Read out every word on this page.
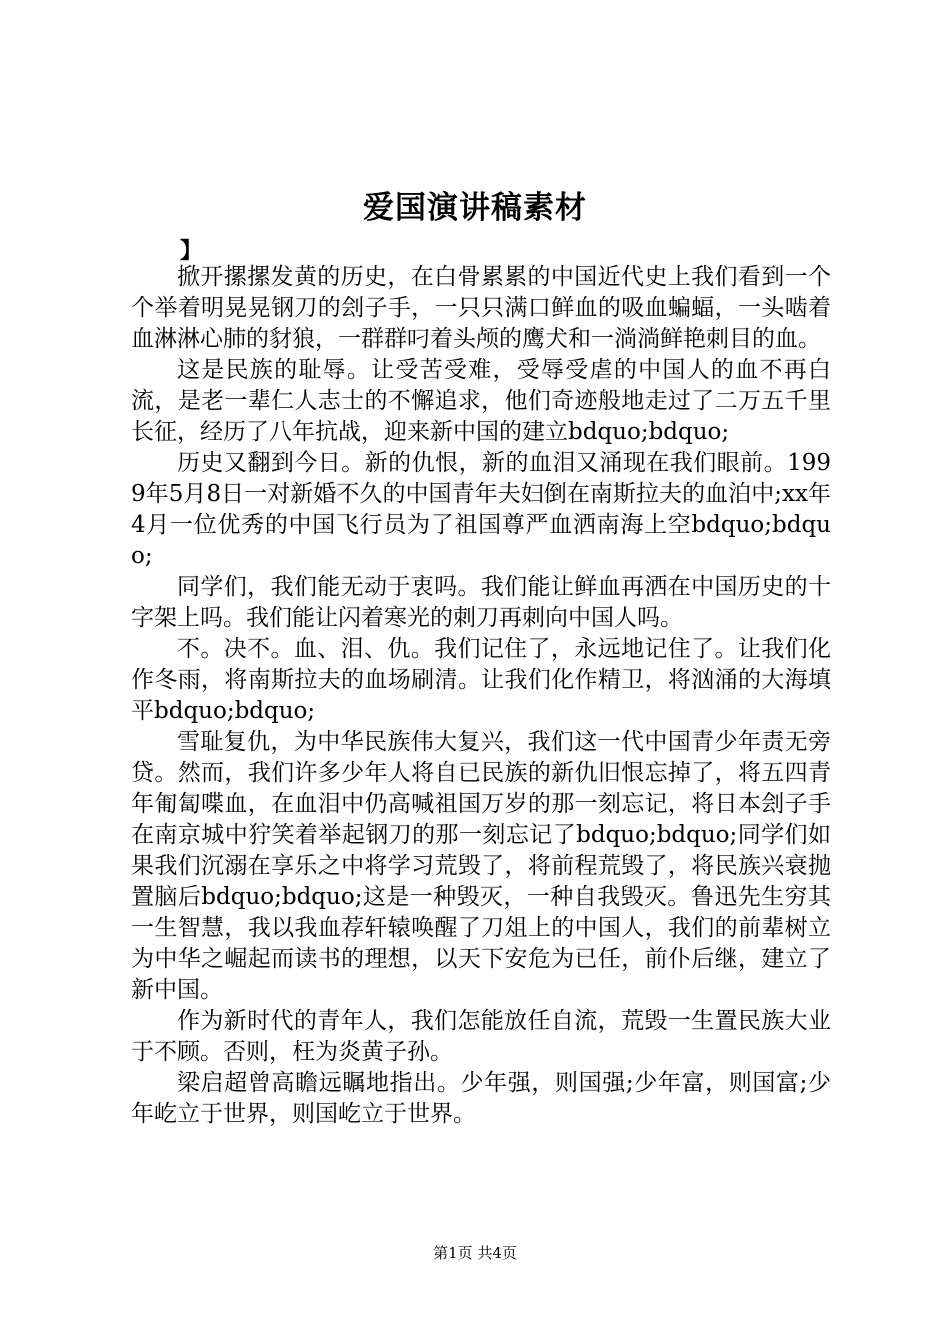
爱国演讲稿素材
】

掀开摞摞发黄的历史，在白骨累累的中国近代史上我们看到一个个举着明晃晃钢刀的刽子手，一只只满口鲜血的吸血蝙蝠，一头啮着血淋淋心肺的豺狼，一群群叼着头颅的鹰犬和一淌淌鲜艳刺目的血。

这是民族的耻辱。让受苦受难，受辱受虐的中国人的血不再白流，是老一辈仁人志士的不懈追求，他们奇迹般地走过了二万五千里长征，经历了八年抗战，迎来新中国的建立bdquo;bdquo;

历史又翻到今日。新的仇恨，新的血泪又涌现在我们眼前。1999年5月8日一对新婚不久的中国青年夫妇倒在南斯拉夫的血泊中;xx年4月一位优秀的中国飞行员为了祖国尊严血洒南海上空bdquo;bdquo;

同学们，我们能无动于衷吗。我们能让鲜血再洒在中国历史的十字架上吗。我们能让闪着寒光的刺刀再刺向中国人吗。

不。决不。血、泪、仇。我们记住了，永远地记住了。让我们化作冬雨，将南斯拉夫的血场刷清。让我们化作精卫，将汹涌的大海填平bdquo;bdquo;

雪耻复仇，为中华民族伟大复兴，我们这一代中国青少年责无旁贷。然而，我们许多少年人将自已民族的新仇旧恨忘掉了，将五四青年匍匐喋血，在血泪中仍高喊祖国万岁的那一刻忘记，将日本刽子手在南京城中狞笑着举起钢刀的那一刻忘记了bdquo;bdquo;同学们如果我们沉溺在享乐之中将学习荒毁了，将前程荒毁了，将民族兴衰抛置脑后bdquo;bdquo;这是一种毁灭，一种自我毁灭。鲁迅先生穷其一生智慧，我以我血荐轩辕唤醒了刀俎上的中国人，我们的前辈树立为中华之崛起而读书的理想，以天下安危为已任，前仆后继，建立了新中国。

作为新时代的青年人，我们怎能放任自流，荒毁一生置民族大业于不顾。否则，枉为炎黄子孙。

梁启超曾高瞻远瞩地指出。少年强，则国强;少年富，则国富;少年屹立于世界，则国屹立于世界。

第1页 共4页
